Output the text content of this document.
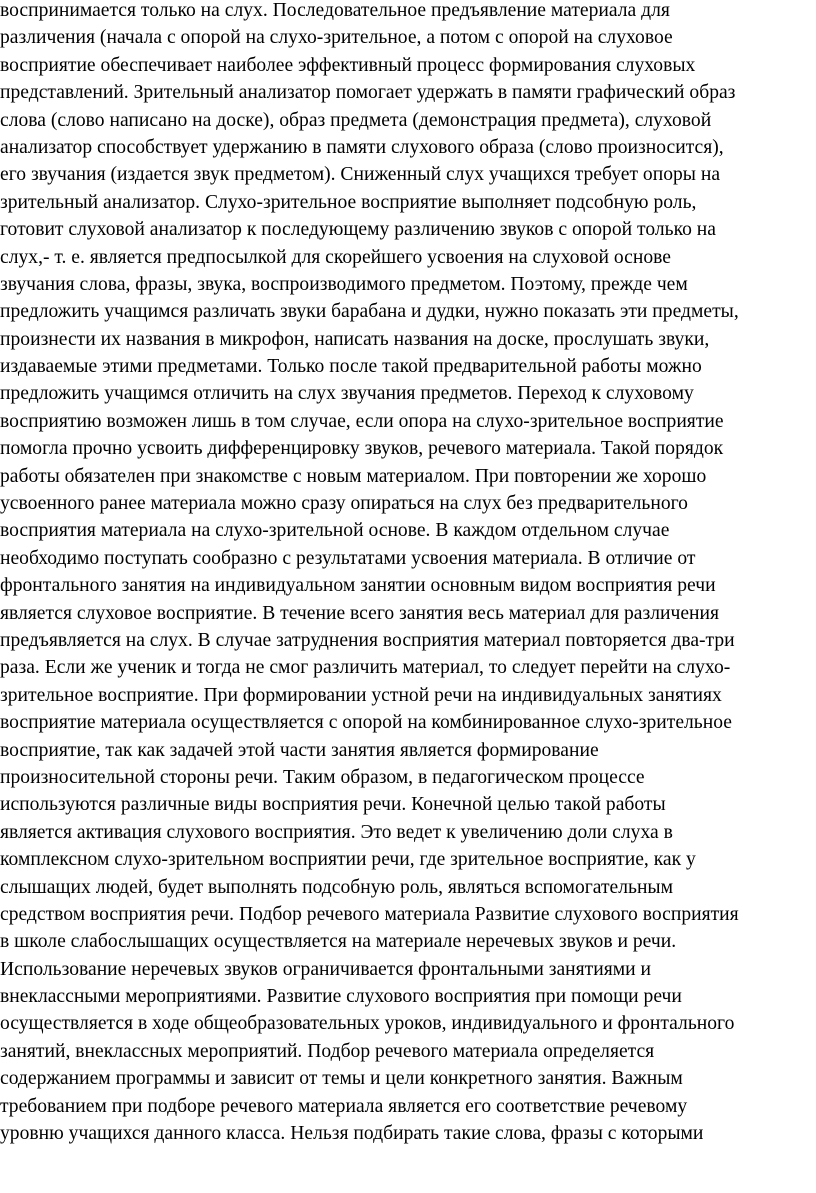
воспринимается только на слух. Последовательное предъявление материала для
различения (начала с опорой на слухо-зрительное, а потом с опорой на слуховое
восприятие обеспечивает наиболее эффективный процесс формирования слуховых
представлений. Зрительный анализатор помогает удержать в памяти графический образ
слова (слово написано на доске), образ предмета (демонстрация предмета), слуховой
анализатор способствует удержанию в памяти слухового образа (слово произносится),
его звучания (издается звук предметом). Сниженный слух учащихся требует опоры на
зрительный анализатор. Слухо-зрительное восприятие выполняет подсобную роль,
готовит слуховой анализатор к последующему различению звуков с опорой только на
слух,- т. е. является предпосылкой для скорейшего усвоения на слуховой основе
звучания слова, фразы, звука, воспроизводимого предметом. Поэтому, прежде чем
предложить учащимся различать звуки барабана и дудки, нужно показать эти предметы,
произнести их названия в микрофон, написать названия на доске, прослушать звуки,
издаваемые этими предметами. Только после такой предварительной работы можно
предложить учащимся отличить на слух звучания предметов. Переход к слуховому
восприятию возможен лишь в том случае, если опора на слухо-зрительное восприятие
помогла прочно усвоить дифференцировку звуков, речевого материала. Такой порядок
работы обязателен при знакомстве с новым материалом. При повторении же хорошо
усвоенного ранее материала можно сразу опираться на слух без предварительного
восприятия материала на слухо-зрительной основе. В каждом отдельном случае
необходимо поступать сообразно с результатами усвоения материала. В отличие от
фронтального занятия на индивидуальном занятии основным видом восприятия речи
является слуховое восприятие. В течение всего занятия весь материал для различения
предъявляется на слух. В случае затруднения восприятия материал повторяется два-три
раза. Если же ученик и тогда не смог различить материал, то следует перейти на слухо-
зрительное восприятие. При формировании устной речи на индивидуальных занятиях
восприятие материала осуществляется с опорой на комбинированное слухо-зрительное
восприятие, так как задачей этой части занятия является формирование
произносительной стороны речи. Таким образом, в педагогическом процессе
используются различные виды восприятия речи. Конечной целью такой работы
является активация слухового восприятия. Это ведет к увеличению доли слуха в
комплексном слухо-зрительном восприятии речи, где зрительное восприятие, как у
слышащих людей, будет выполнять подсобную роль, являться вспомогательным
средством восприятия речи. Подбор речевого материала Развитие слухового восприятия
в школе слабослышащих осуществляется на материале неречевых звуков и речи.
Использование неречевых звуков ограничивается фронтальными занятиями и
внеклассными мероприятиями. Развитие слухового восприятия при помощи речи
осуществляется в ходе общеобразовательных уроков, индивидуального и фронтального
занятий, внеклассных мероприятий. Подбор речевого материала определяется
содержанием программы и зависит от темы и цели конкретного занятия. Важным
требованием при подборе речевого материала является его соответствие речевому
уровню учащихся данного класса. Нельзя подбирать такие слова, фразы с которыми
